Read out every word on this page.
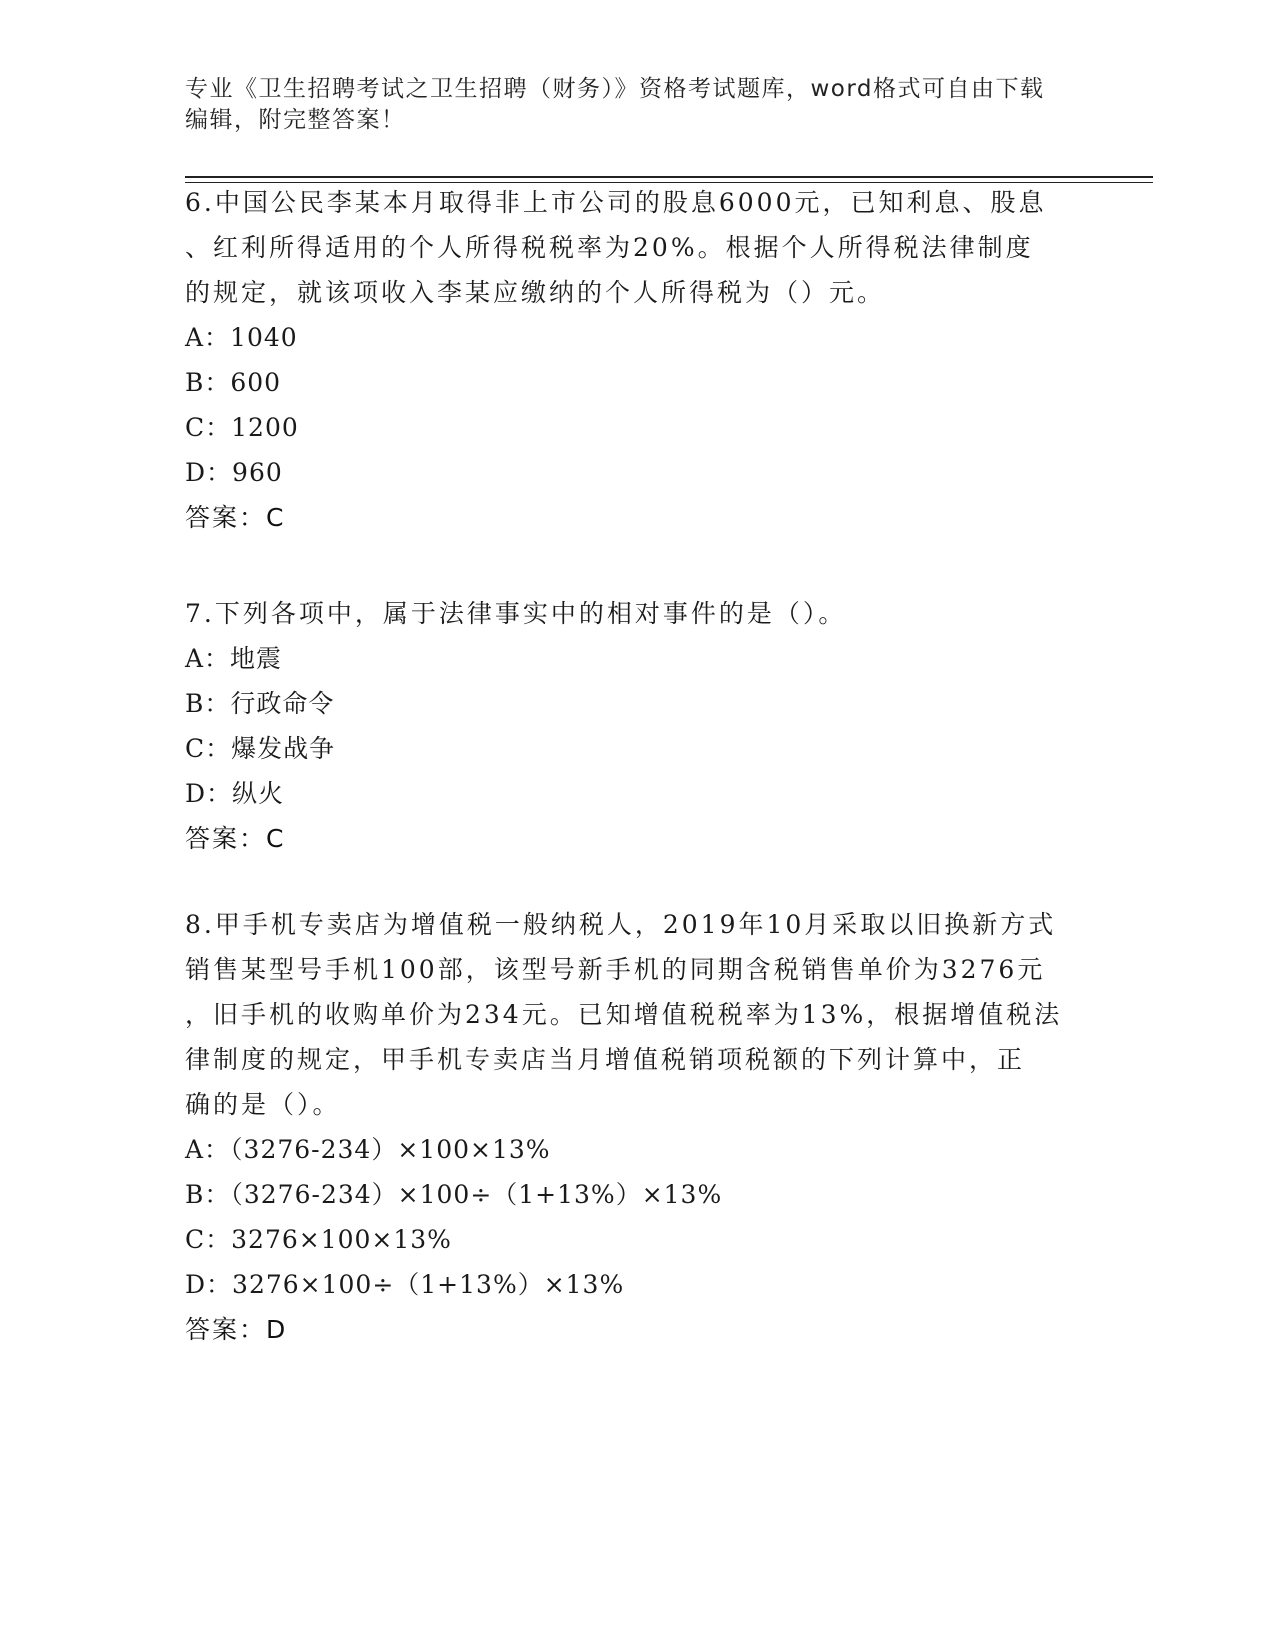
专业《卫生招聘考试之卫生招聘（财务）》资格考试题库，word格式可自由下载
编辑，附完整答案！

6.中国公民李某本月取得非上市公司的股息6000元，已知利息、股息

、红利所得适用的个人所得税税率为20%。根据个人所得税法律制度

的规定，就该项收入李某应缴纳的个人所得税为（）元。

A：1040

B：600

C：1200

D：960

答案：C

7.下列各项中，属于法律事实中的相对事件的是（）。

A：地震

B：行政命令

C：爆发战争

D：纵火

答案：C

8.甲手机专卖店为增值税一般纳税人，2019年10月采取以旧换新方式

销售某型号手机100部，该型号新手机的同期含税销售单价为3276元

，旧手机的收购单价为234元。已知增值税税率为13%，根据增值税法

律制度的规定，甲手机专卖店当月增值税销项税额的下列计算中，正

确的是（）。

A：（3276-234）×100×13%

B：（3276-234）×100÷（1+13%）×13%

C：3276×100×13%

D：3276×100÷（1+13%）×13%

答案：D
